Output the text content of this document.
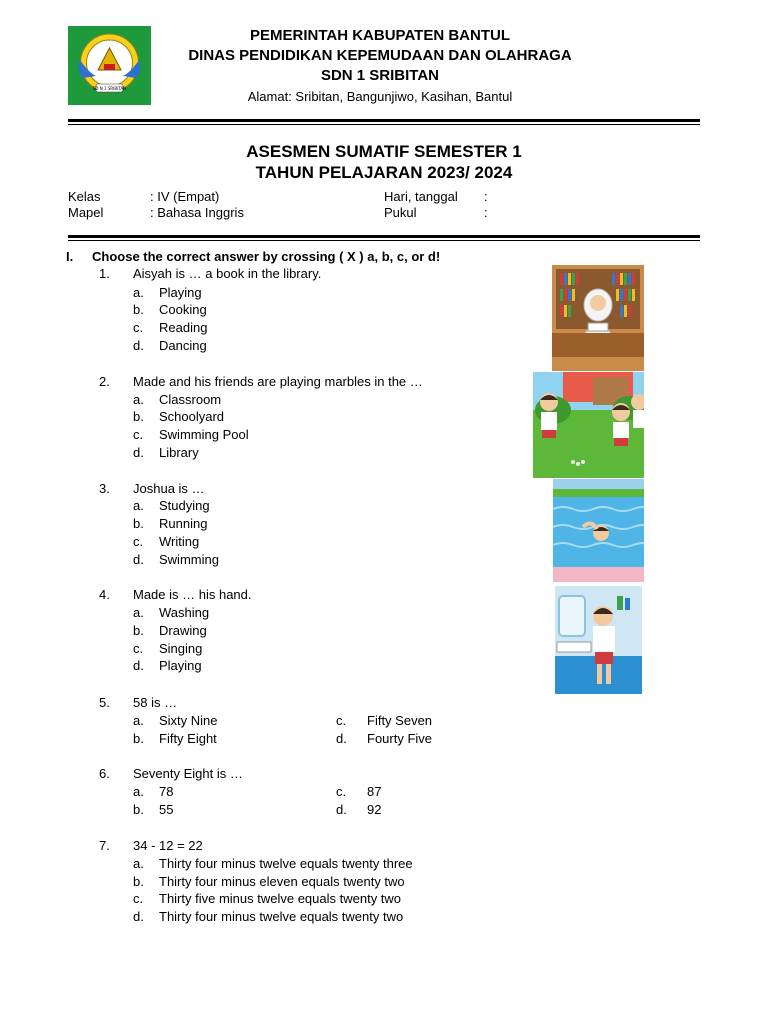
SD N 1 SRIBITAN
PEMERINTAH KABUPATEN BANTUL
DINAS PENDIDIKAN KEPEMUDAAN DAN OLAHRAGA
SDN 1 SRIBITAN
Alamat: Sribitan, Bangunjiwo, Kasihan, Bantul
ASESMEN SUMATIF SEMESTER 1
TAHUN PELAJARAN 2023/ 2024
Kelas	: IV (Empat)
Mapel	: Bahasa Inggris
Hari, tanggal :
Pukul	:
I. Choose the correct answer by crossing ( X ) a, b, c, or d!
1. Aisyah is … a book in the library.
a. Playing
b. Cooking
c. Reading
d. Dancing
2. Made and his friends are playing marbles in the …
a. Classroom
b. Schoolyard
c. Swimming Pool
d. Library
3. Joshua is …
a. Studying
b. Running
c. Writing
d. Swimming
4. Made is … his hand.
a. Washing
b. Drawing
c. Singing
d. Playing
5. 58 is …
a. Sixty Nine
b. Fifty Eight
c. Fifty Seven
d. Fourty Five
6. Seventy Eight is …
a. 78
b. 55
c. 87
d. 92
7. 34 - 12 = 22
a. Thirty four minus twelve equals twenty three
b. Thirty four minus eleven equals twenty two
c. Thirty five minus twelve equals twenty two
d. Thirty four minus twelve equals twenty two
